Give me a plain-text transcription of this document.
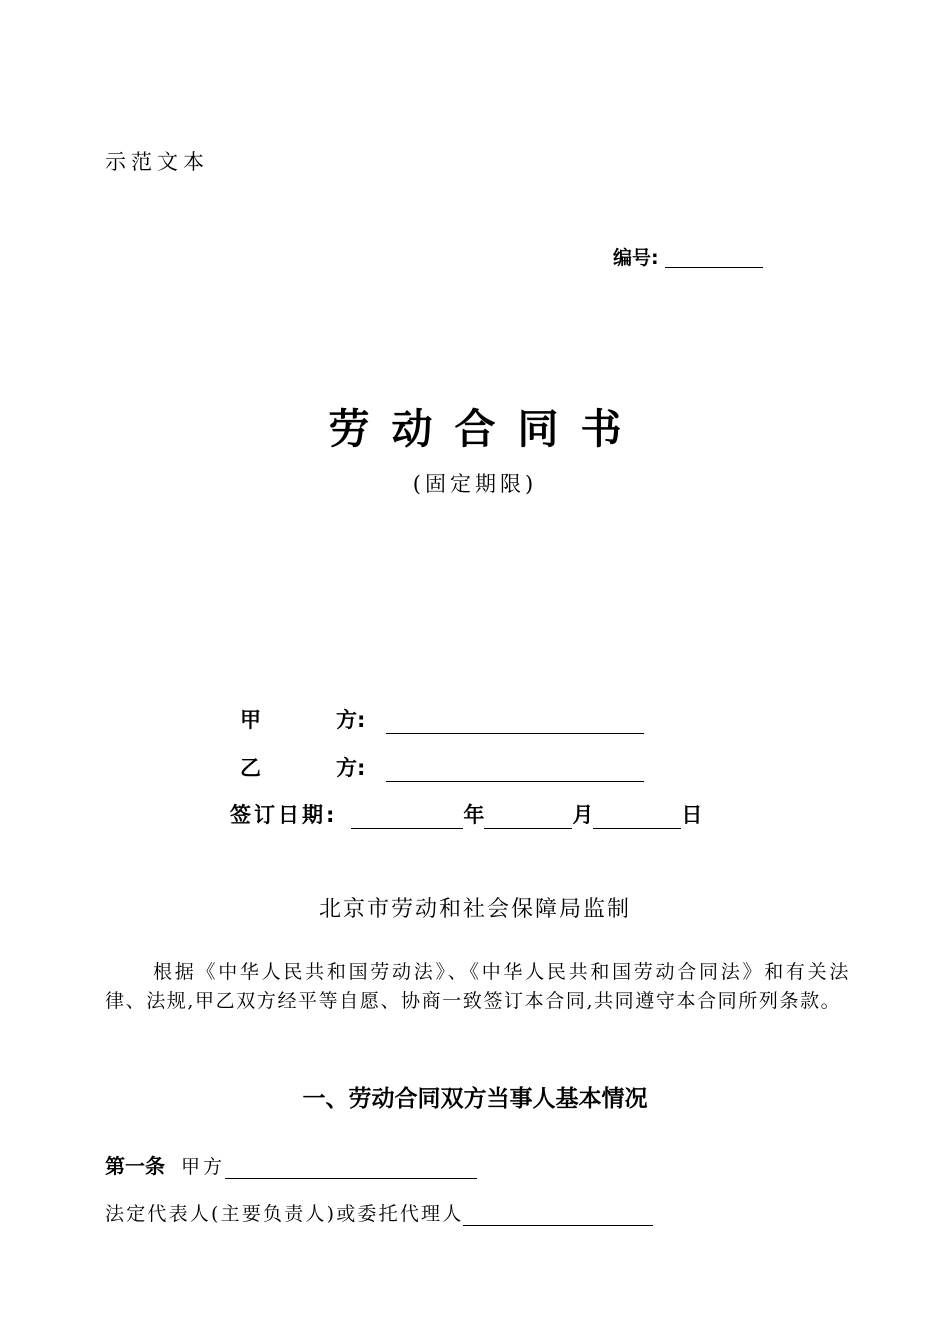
示范文本
编号:
劳动合同书
(固定期限)
甲	方:
乙	方:
签订日期:	年	月	日
北京市劳动和社会保障局监制
根据《中华人民共和国劳动法》、《中华人民共和国劳动合同法》和有关法律、法规,甲乙双方经平等自愿、协商一致签订本合同,共同遵守本合同所列条款。
一、劳动合同双方当事人基本情况
第一条 甲方
法定代表人(主要负责人)或委托代理人
